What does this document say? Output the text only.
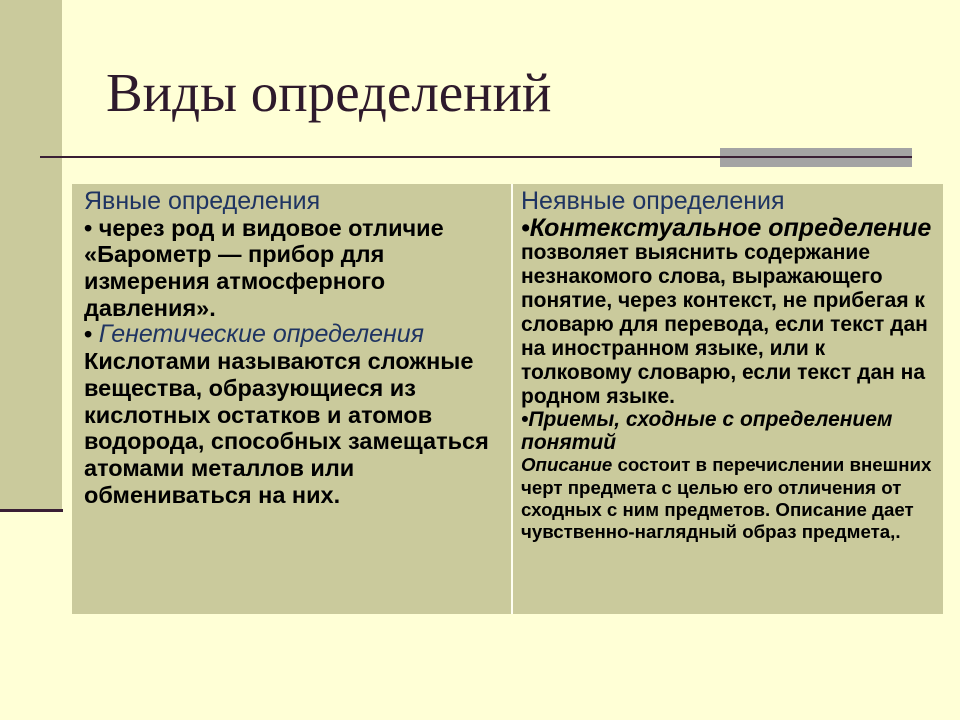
Виды определений
Явные определения
• через род и видовое отличие
«Барометр — прибор для
измерения атмосферного
давления».
• Генетические определения
Кислотами называются сложные
вещества, образующиеся из
кислотных остатков и атомов
водорода, способных замещаться
атомами металлов или
обмениваться на них.
Неявные определения
•Контекстуальное определение
позволяет выяснить содержание
незнакомого слова, выражающего
понятие, через контекст, не прибегая к
словарю для перевода, если текст дан
на иностранном языке, или к
толковому словарю, если текст дан на
родном языке.
•Приемы, сходные с определением
понятий
Описание состоит в перечислении внешних
черт предмета с целью его отличения от
сходных с ним предметов. Описание дает
чувственно-наглядный образ предмета,.
